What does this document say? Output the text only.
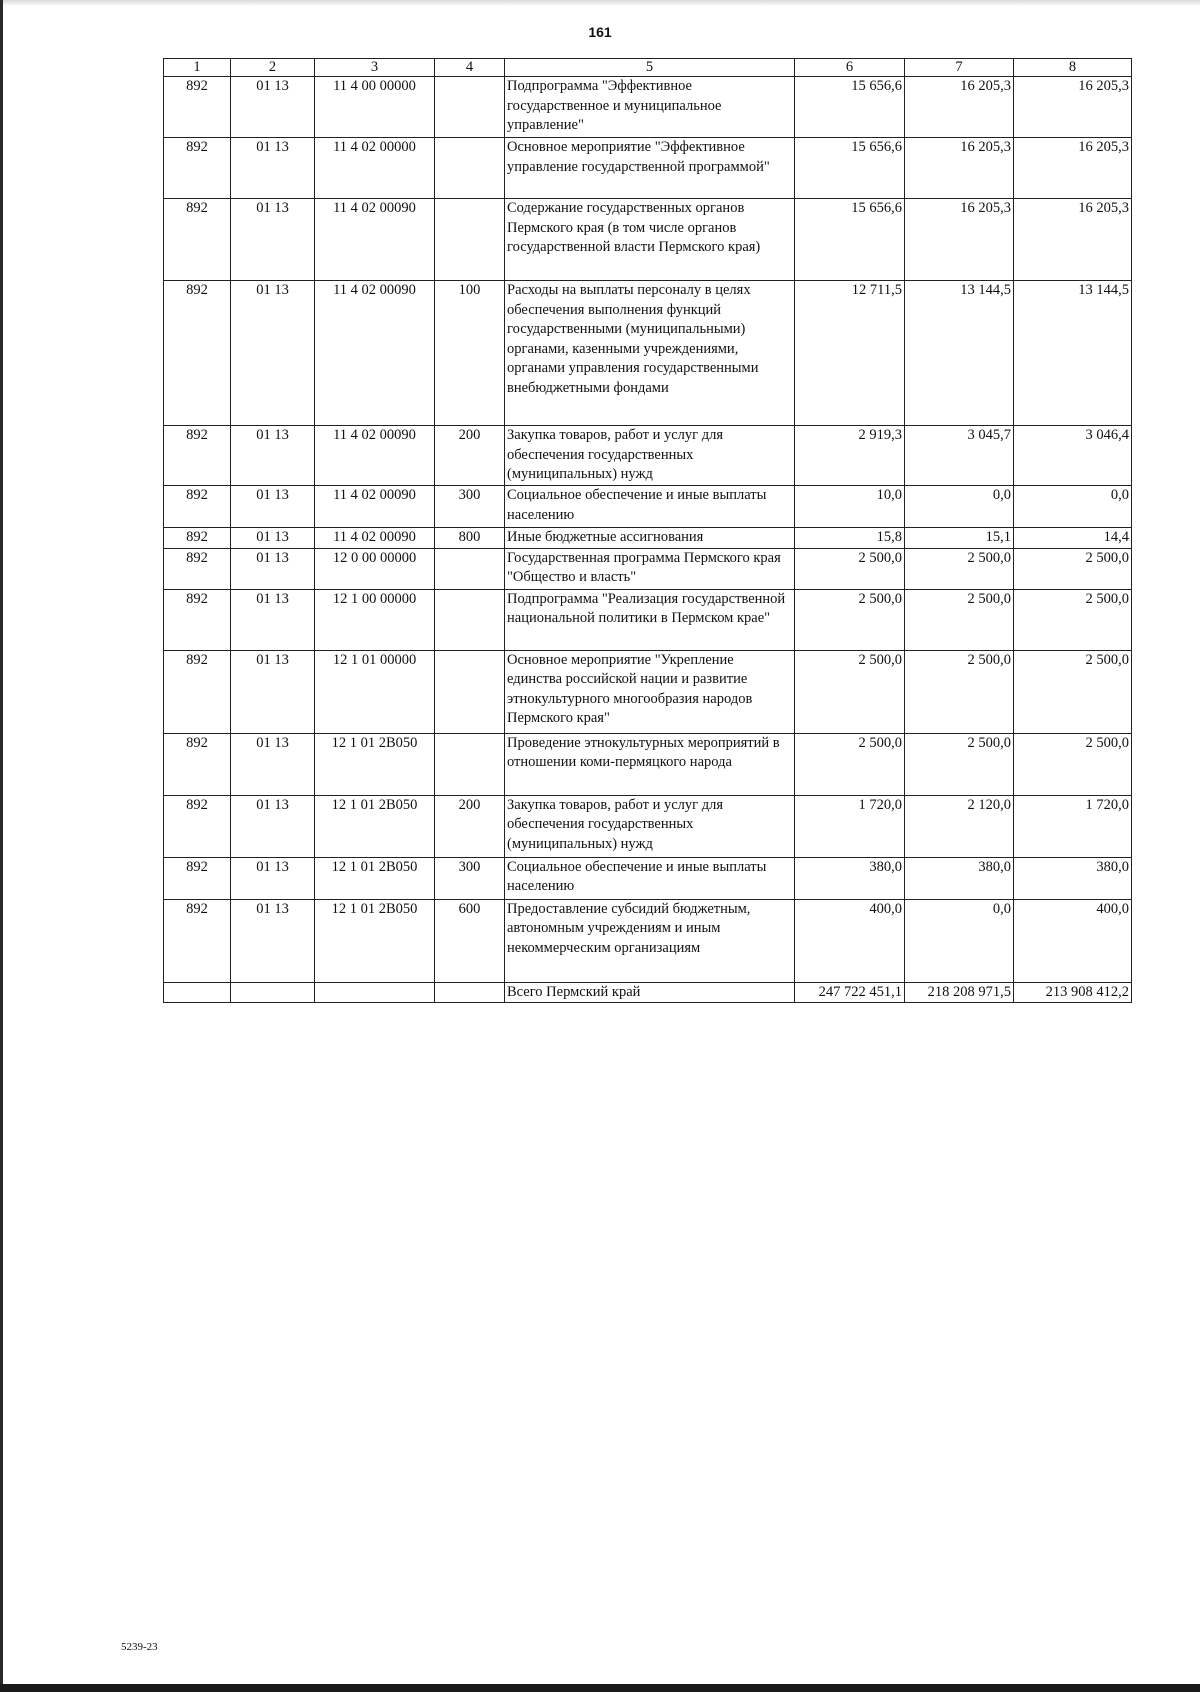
161
1	2	3	4	5	6	7	8
892	01 13	11 4 00 00000		Подпрограмма "Эффективное государственное и муниципальное управление"	15 656,6	16 205,3	16 205,3
892	01 13	11 4 02 00000		Основное мероприятие "Эффективное управление государственной программой"	15 656,6	16 205,3	16 205,3
892	01 13	11 4 02 00090		Содержание государственных органов Пермского края (в том числе органов государственной власти Пермского края)	15 656,6	16 205,3	16 205,3
892	01 13	11 4 02 00090	100	Расходы на выплаты персоналу в целях обеспечения выполнения функций государственными (муниципальными) органами, казенными учреждениями, органами управления государственными внебюджетными фондами	12 711,5	13 144,5	13 144,5
892	01 13	11 4 02 00090	200	Закупка товаров, работ и услуг для обеспечения государственных (муниципальных) нужд	2 919,3	3 045,7	3 046,4
892	01 13	11 4 02 00090	300	Социальное обеспечение и иные выплаты населению	10,0	0,0	0,0
892	01 13	11 4 02 00090	800	Иные бюджетные ассигнования	15,8	15,1	14,4
892	01 13	12 0 00 00000		Государственная программа Пермского края "Общество и власть"	2 500,0	2 500,0	2 500,0
892	01 13	12 1 00 00000		Подпрограмма "Реализация государственной национальной политики в Пермском крае"	2 500,0	2 500,0	2 500,0
892	01 13	12 1 01 00000		Основное мероприятие "Укрепление единства российской нации и развитие этнокультурного многообразия народов Пермского края"	2 500,0	2 500,0	2 500,0
892	01 13	12 1 01 2В050		Проведение этнокультурных мероприятий в отношении коми-пермяцкого народа	2 500,0	2 500,0	2 500,0
892	01 13	12 1 01 2В050	200	Закупка товаров, работ и услуг для обеспечения государственных (муниципальных) нужд	1 720,0	2 120,0	1 720,0
892	01 13	12 1 01 2В050	300	Социальное обеспечение и иные выплаты населению	380,0	380,0	380,0
892	01 13	12 1 01 2В050	600	Предоставление субсидий бюджетным, автономным учреждениям и иным некоммерческим организациям	400,0	0,0	400,0
				Всего Пермский край	247 722 451,1	218 208 971,5	213 908 412,2
5239-23
